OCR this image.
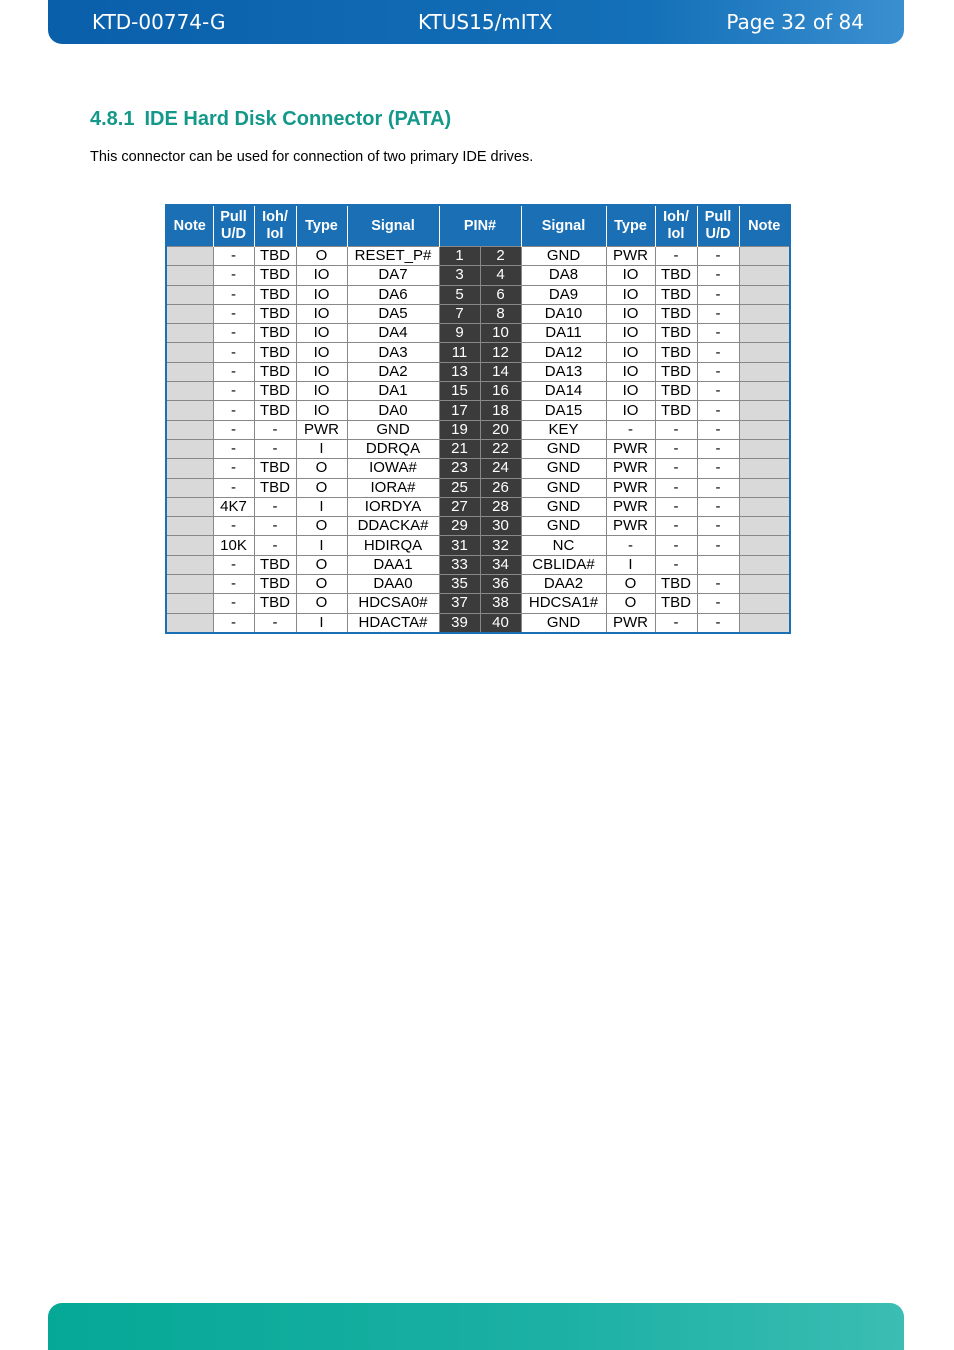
KTD-00774-G	KTUS15/mITX	Page 32 of 84
4.8.1 IDE Hard Disk Connector (PATA)

This connector can be used for connection of two primary IDE drives.

Note	Pull U/D	Ioh/ Iol	Type	Signal	PIN#		Signal	Type	Ioh/ Iol	Pull U/D	Note
	-	TBD	O	RESET_P#	1	2	GND	PWR	-	-	
	-	TBD	IO	DA7	3	4	DA8	IO	TBD	-	
	-	TBD	IO	DA6	5	6	DA9	IO	TBD	-	
	-	TBD	IO	DA5	7	8	DA10	IO	TBD	-	
	-	TBD	IO	DA4	9	10	DA11	IO	TBD	-	
	-	TBD	IO	DA3	11	12	DA12	IO	TBD	-	
	-	TBD	IO	DA2	13	14	DA13	IO	TBD	-	
	-	TBD	IO	DA1	15	16	DA14	IO	TBD	-	
	-	TBD	IO	DA0	17	18	DA15	IO	TBD	-	
	-	-	PWR	GND	19	20	KEY	-	-	-	
	-	-	I	DDRQA	21	22	GND	PWR	-	-	
	-	TBD	O	IOWA#	23	24	GND	PWR	-	-	
	-	TBD	O	IORA#	25	26	GND	PWR	-	-	
	4K7	-	I	IORDYA	27	28	GND	PWR	-	-	
	-	-	O	DDACKA#	29	30	GND	PWR	-	-	
	10K	-	I	HDIRQA	31	32	NC	-	-	-	
	-	TBD	O	DAA1	33	34	CBLIDA#	I	-		
	-	TBD	O	DAA0	35	36	DAA2	O	TBD	-	
	-	TBD	O	HDCSA0#	37	38	HDCSA1#	O	TBD	-	
	-	-	I	HDACTA#	39	40	GND	PWR	-	-	
